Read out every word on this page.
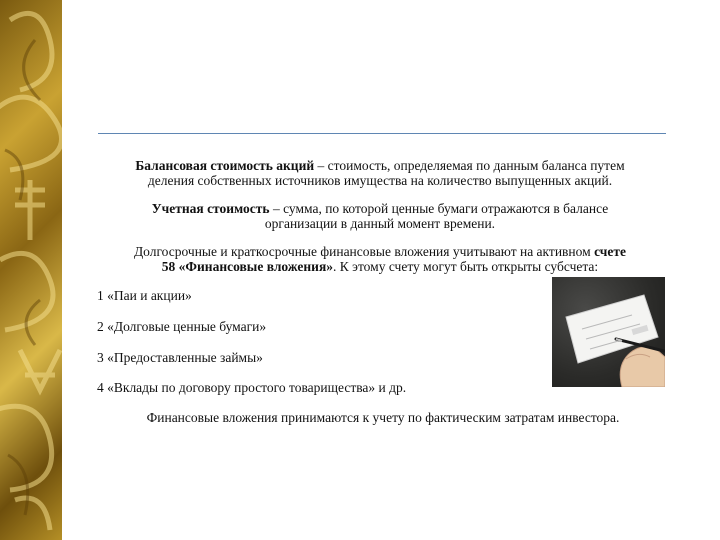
Балансовая стоимость акций – стоимость, определяемая по данным баланса путем
деления собственных источников имущества на количество выпущенных акций.
Учетная стоимость – сумма, по которой ценные бумаги отражаются в балансе
организации в данный момент времени.
Долгосрочные и краткосрочные финансовые вложения учитывают на активном счете
58 «Финансовые вложения». К этому счету могут быть открыты субсчета:
1 «Паи и акции»
2 «Долговые ценные бумаги»
3 «Предоставленные займы»
4 «Вклады по договору простого товарищества» и др.
Финансовые вложения принимаются к учету по фактическим затратам инвестора.
